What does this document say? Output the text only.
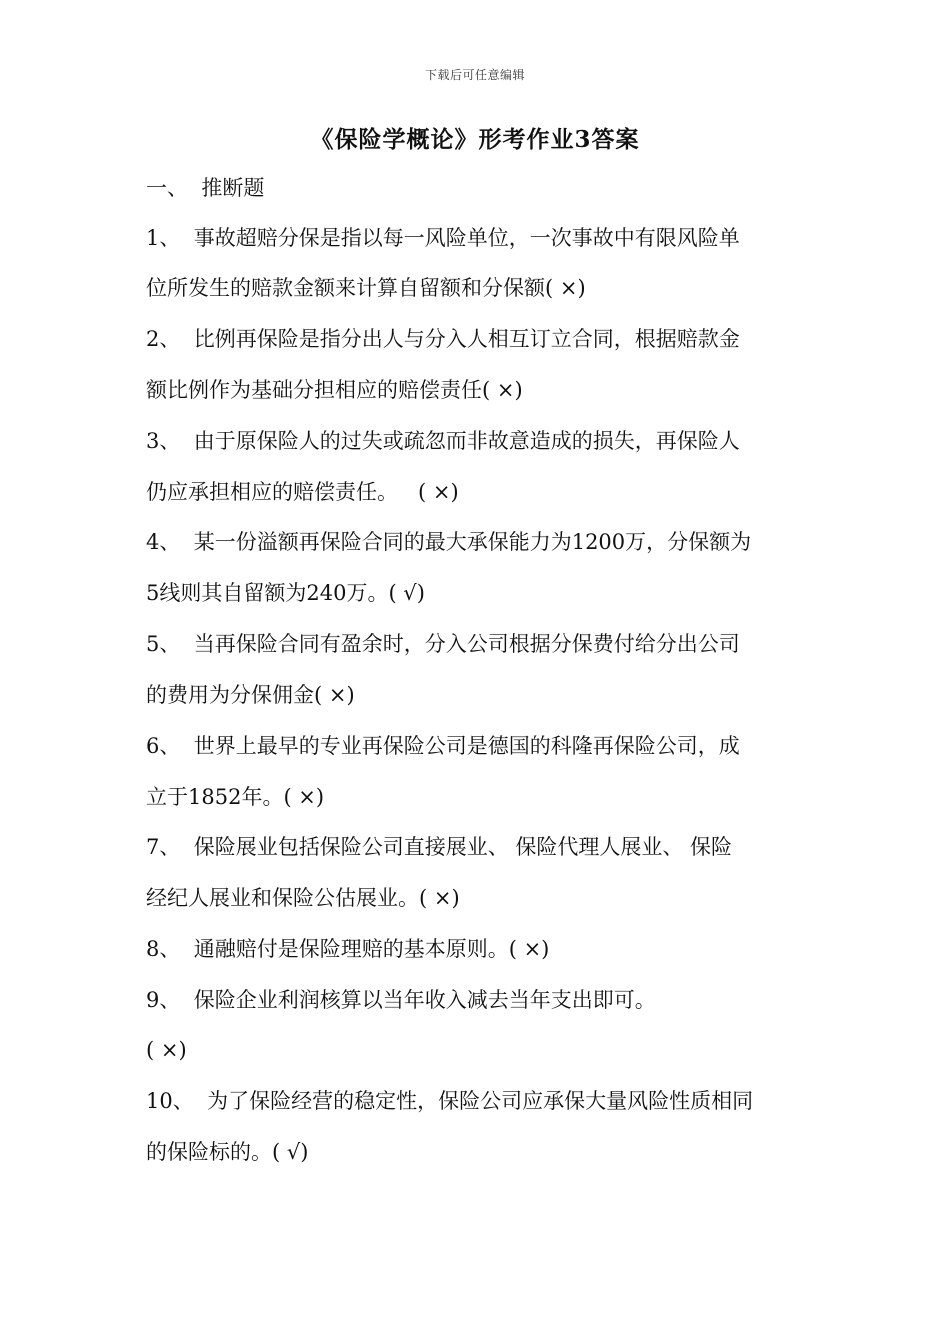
下载后可任意编辑
《保险学概论》形考作业3答案
一、  推断题
1、  事故超赔分保是指以每一风险单位，一次事故中有限风险单
位所发生的赔款金额来计算自留额和分保额( ×)
2、  比例再保险是指分出人与分入人相互订立合同，根据赔款金
额比例作为基础分担相应的赔偿责任( ×)
3、  由于原保险人的过失或疏忽而非故意造成的损失，再保险人
仍应承担相应的赔偿责任。   ( ×)
4、  某一份溢额再保险合同的最大承保能力为1200万，分保额为
5线则其自留额为240万。( √)
5、  当再保险合同有盈余时，分入公司根据分保费付给分出公司
的费用为分保佣金( ×)
6、  世界上最早的专业再保险公司是德国的科隆再保险公司，成
立于1852年。( ×)
7、  保险展业包括保险公司直接展业、 保险代理人展业、 保险
经纪人展业和保险公估展业。( ×)
8、  通融赔付是保险理赔的基本原则。( ×)
9、  保险企业利润核算以当年收入减去当年支出即可。
( ×)
10、  为了保险经营的稳定性，保险公司应承保大量风险性质相同
的保险标的。( √)
